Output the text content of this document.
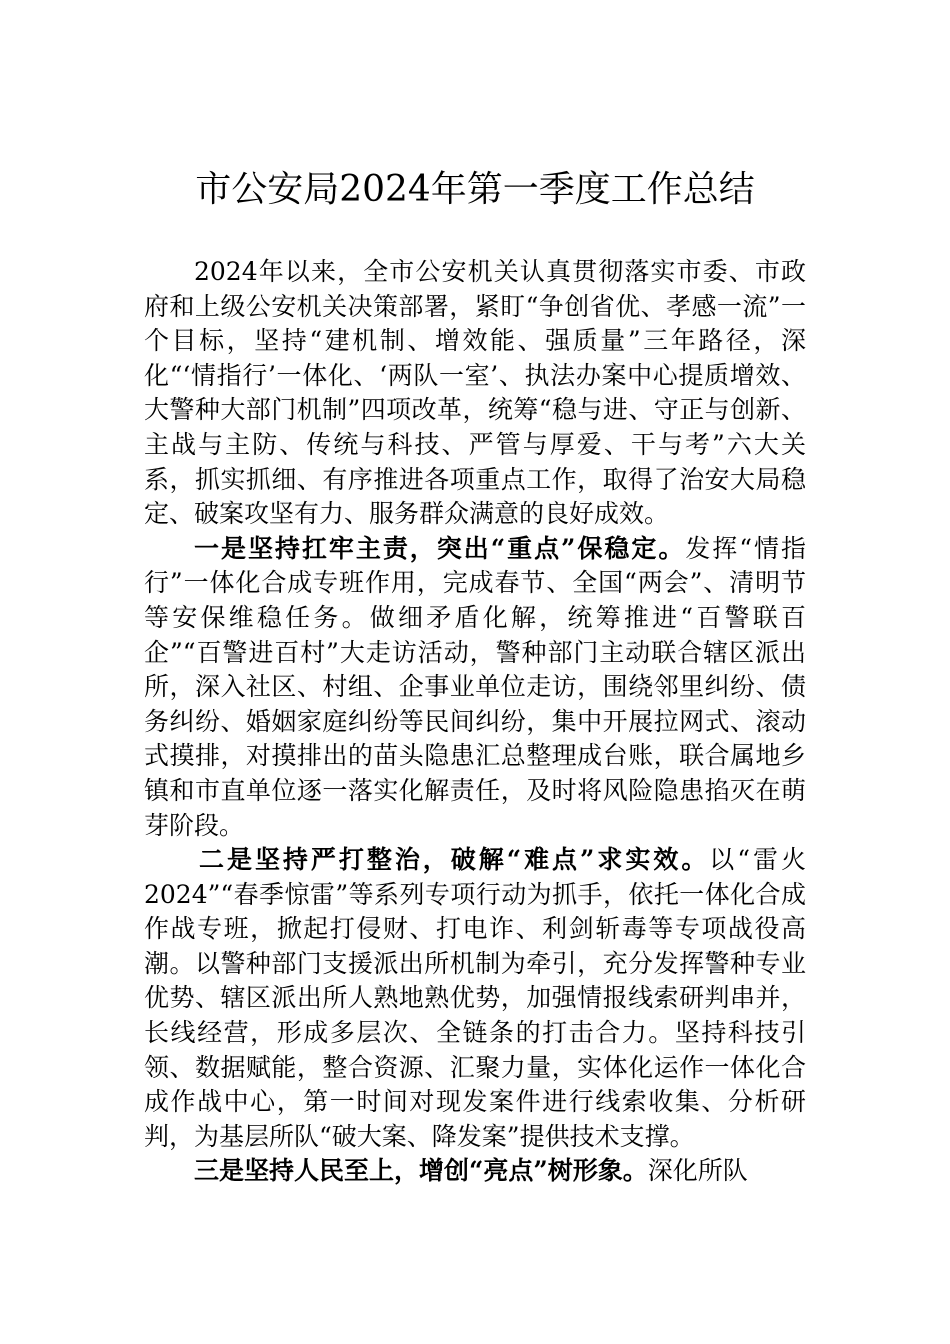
市公安局2024年第一季度工作总结

2024年以来，全市公安机关认真贯彻落实市委、市政府和上级公安机关决策部署，紧盯“争创省优、孝感一流”一个目标，坚持“建机制、增效能、强质量”三年路径，深化“‘情指行’一体化、‘两队一室’、执法办案中心提质增效、大警种大部门机制”四项改革，统筹“稳与进、守正与创新、主战与主防、传统与科技、严管与厚爱、干与考”六大关系，抓实抓细、有序推进各项重点工作，取得了治安大局稳定、破案攻坚有力、服务群众满意的良好成效。

一是坚持扛牢主责，突出“重点”保稳定。发挥“情指行”一体化合成专班作用，完成春节、全国“两会”、清明节等安保维稳任务。做细矛盾化解，统筹推进“百警联百企”“百警进百村”大走访活动，警种部门主动联合辖区派出所，深入社区、村组、企事业单位走访，围绕邻里纠纷、债务纠纷、婚姻家庭纠纷等民间纠纷，集中开展拉网式、滚动式摸排，对摸排出的苗头隐患汇总整理成台账，联合属地乡镇和市直单位逐一落实化解责任，及时将风险隐患掐灭在萌芽阶段。

二是坚持严打整治，破解“难点”求实效。以“雷火2024”“春季惊雷”等系列专项行动为抓手，依托一体化合成作战专班，掀起打侵财、打电诈、利剑斩毒等专项战役高潮。以警种部门支援派出所机制为牵引，充分发挥警种专业优势、辖区派出所人熟地熟优势，加强情报线索研判串并，长线经营，形成多层次、全链条的打击合力。坚持科技引领、数据赋能，整合资源、汇聚力量，实体化运作一体化合成作战中心，第一时间对现发案件进行线索收集、分析研判，为基层所队“破大案、降发案”提供技术支撑。

三是坚持人民至上，增创“亮点”树形象。深化所队
